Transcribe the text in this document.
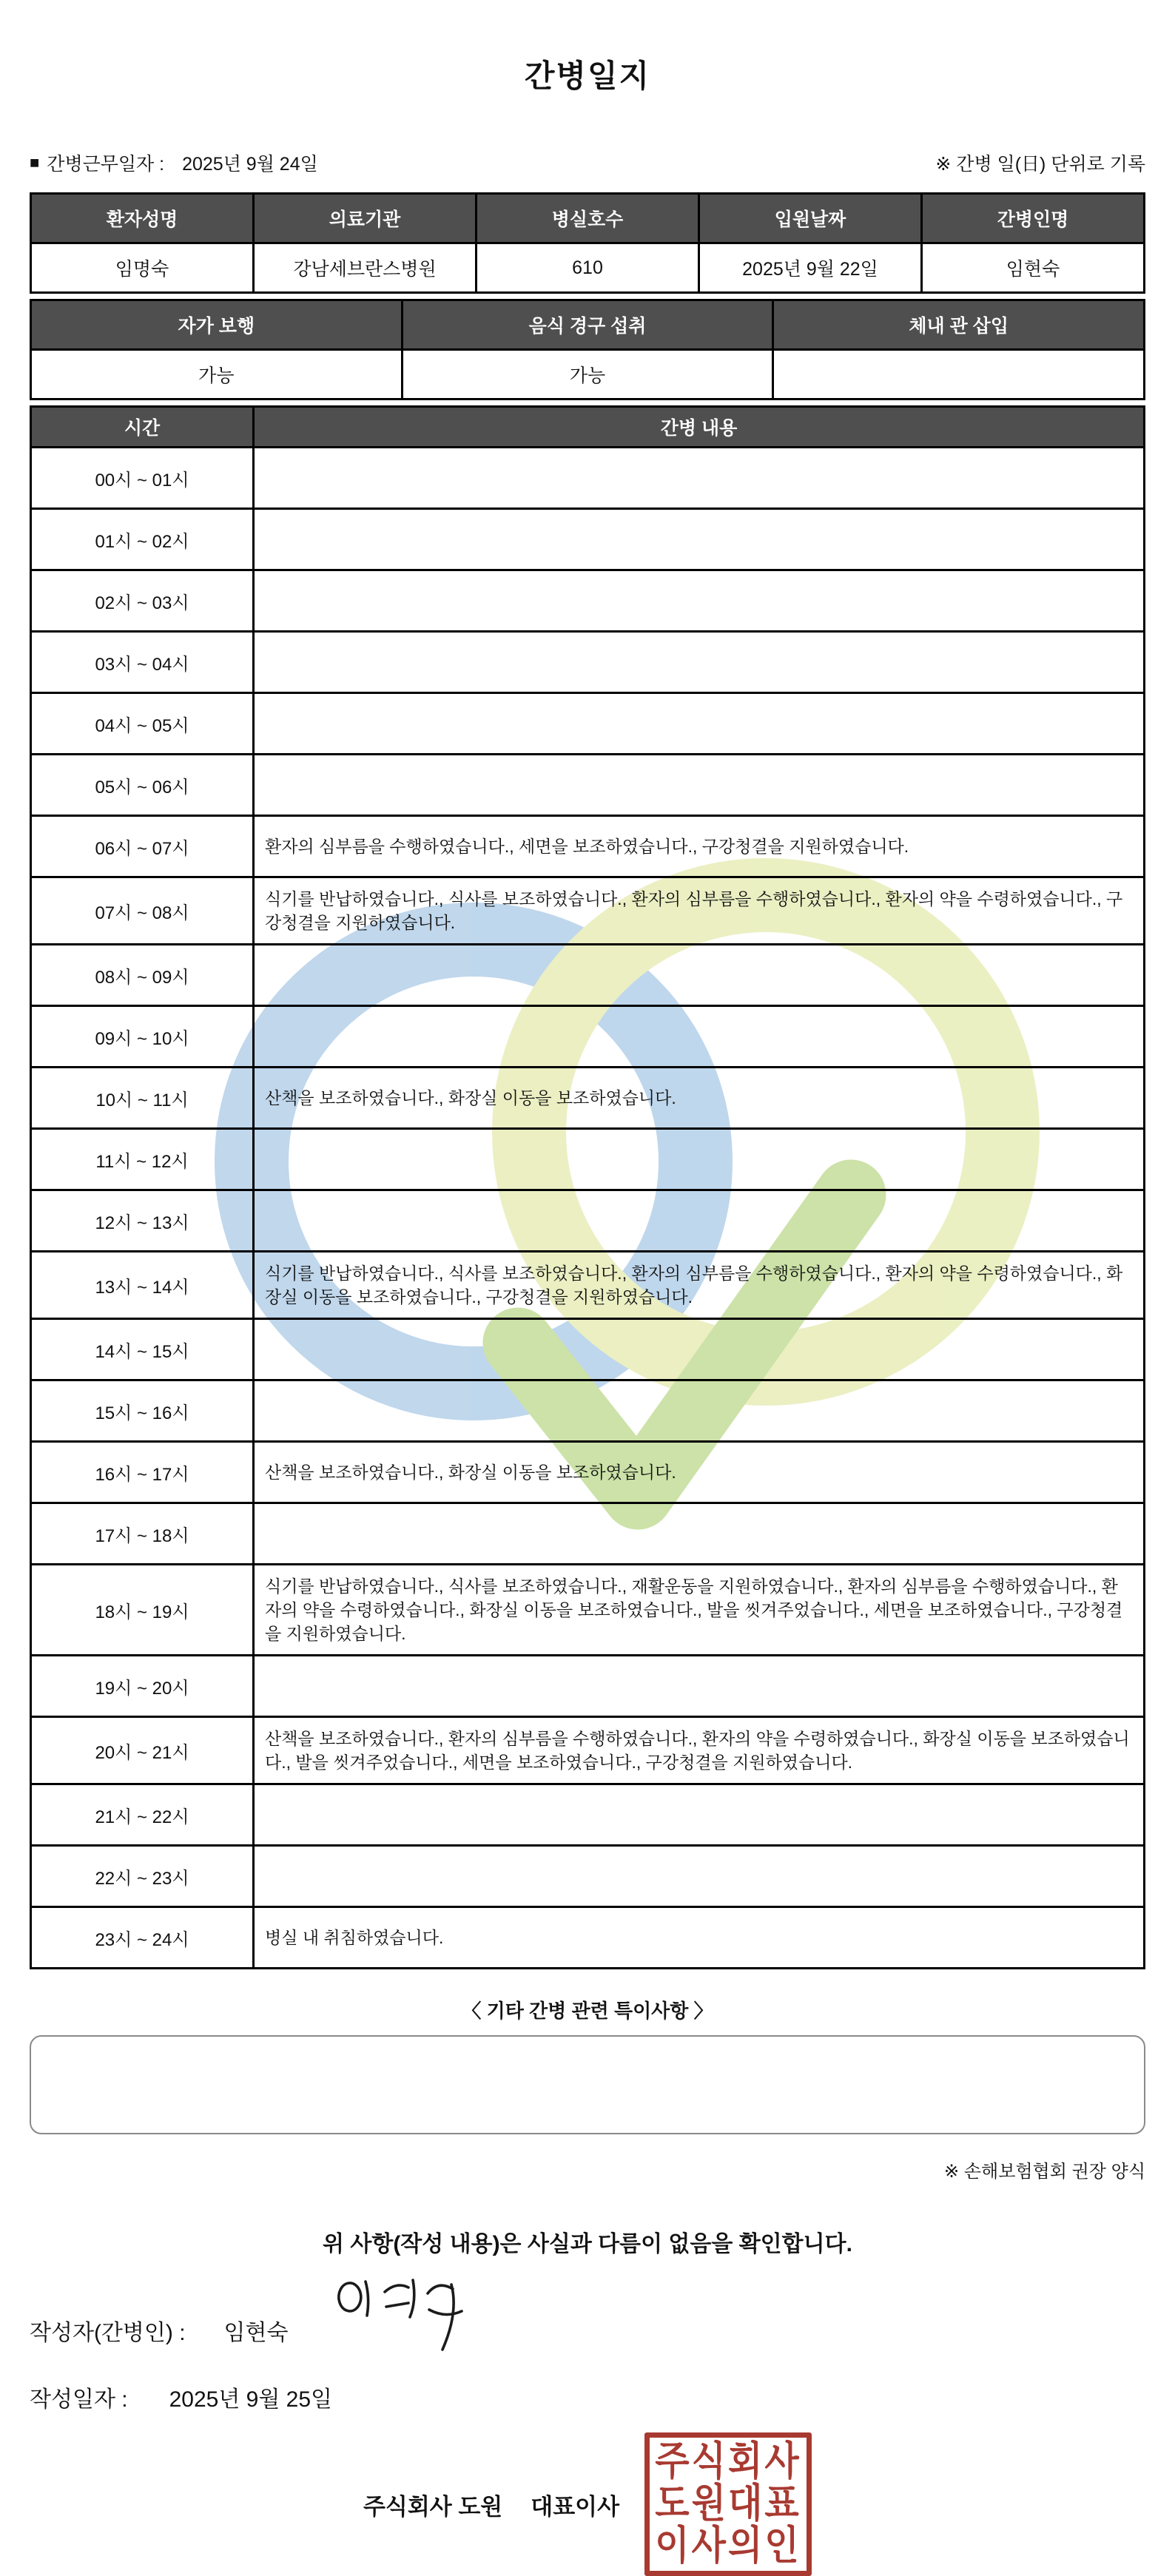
간병일지
■ 간병근무일자 : 2025년 9월 24일	※ 간병 일(日) 단위로 기록
환자성명	의료기관	병실호수	입원날짜	간병인명
임명숙	강남세브란스병원	610	2025년 9월 22일	임현숙
자가 보행	음식 경구 섭취	체내 관 삽입
가능	가능	
시간	간병 내용
00시 ~ 01시	
01시 ~ 02시	
02시 ~ 03시	
03시 ~ 04시	
04시 ~ 05시	
05시 ~ 06시	
06시 ~ 07시	환자의 심부름을 수행하였습니다., 세면을 보조하였습니다., 구강청결을 지원하였습니다.
07시 ~ 08시	식기를 반납하였습니다., 식사를 보조하였습니다., 환자의 심부름을 수행하였습니다., 환자의 약을 수령하였습니다., 구강청결을 지원하였습니다.
08시 ~ 09시	
09시 ~ 10시	
10시 ~ 11시	산책을 보조하였습니다., 화장실 이동을 보조하였습니다.
11시 ~ 12시	
12시 ~ 13시	
13시 ~ 14시	식기를 반납하였습니다., 식사를 보조하였습니다., 환자의 심부름을 수행하였습니다., 환자의 약을 수령하였습니다., 화장실 이동을 보조하였습니다., 구강청결을 지원하였습니다.
14시 ~ 15시	
15시 ~ 16시	
16시 ~ 17시	산책을 보조하였습니다., 화장실 이동을 보조하였습니다.
17시 ~ 18시	
18시 ~ 19시	식기를 반납하였습니다., 식사를 보조하였습니다., 재활운동을 지원하였습니다., 환자의 심부름을 수행하였습니다., 환자의 약을 수령하였습니다., 화장실 이동을 보조하였습니다., 발을 씻겨주었습니다., 세면을 보조하였습니다., 구강청결을 지원하였습니다.
19시 ~ 20시	
20시 ~ 21시	산책을 보조하였습니다., 환자의 심부름을 수행하였습니다., 환자의 약을 수령하였습니다., 화장실 이동을 보조하였습니다., 발을 씻겨주었습니다., 세면을 보조하였습니다., 구강청결을 지원하였습니다.
21시 ~ 22시	
22시 ~ 23시	
23시 ~ 24시	병실 내 취침하였습니다.
〈 기타 간병 관련 특이사항 〉
※ 손해보험협회 권장 양식
위 사항(작성 내용)은 사실과 다름이 없음을 확인합니다.
작성자(간병인) : 임현숙
작성일자 : 2025년 9월 25일
주식회사 도원 대표이사
주식회사
도원대표
이사의인
